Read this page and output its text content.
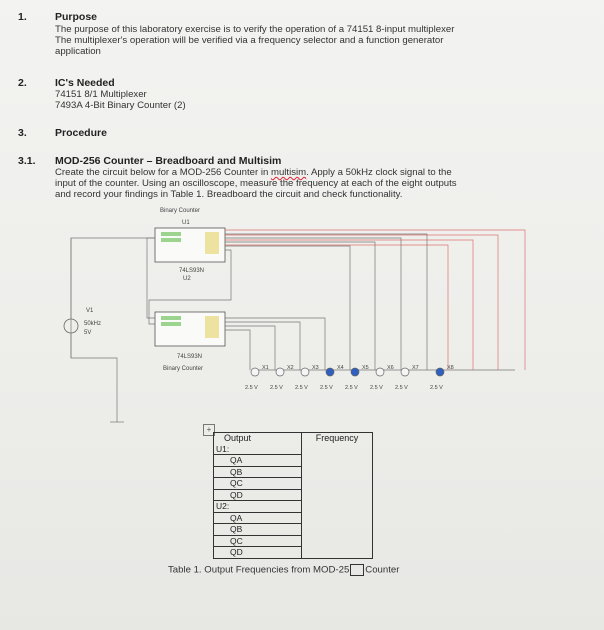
1.	Purpose
The purpose of this laboratory exercise is to verify the operation of a 74151 8-input multiplexer
The multiplexer's operation will be verified via a frequency selector and a function generator
application
2.	IC's Needed
74151 8/1 Multiplexer
7493A 4-Bit Binary Counter (2)
3.	Procedure
3.1. MOD-256 Counter – Breadboard and Multisim
Create the circuit below for a MOD-256 Counter in multisim. Apply a 50kHz clock signal to the
input of the counter. Using an oscilloscope, measure the frequency at each of the eight outputs
and record your findings in Table 1. Breadboard the circuit and check functionality.
Binary Counter
U1
74LS93N
U2
74LS93N
Binary Counter
V1
50kHz
5V
X1
2.5 V
X2
2.5 V
X3
2.5 V
X4
2.5 V
X5
2.5 V
X6
2.5 V
X7
2.5 V
X8
2.5 V
+
Output	Frequency
U1:	
QA	
QB	
QC	
QD	
U2:	
QA	
QB	
QC	
QD	
Table 1. Output Frequencies from MOD-25 Counter
